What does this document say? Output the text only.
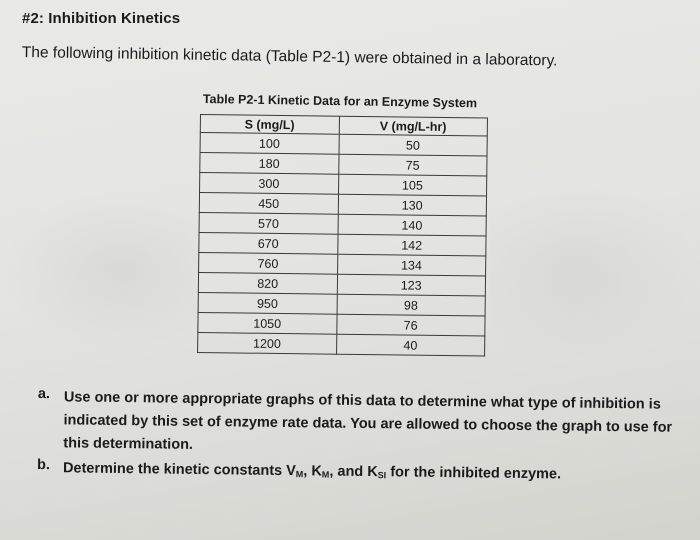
#2: Inhibition Kinetics
The following inhibition kinetic data (Table P2-1) were obtained in a laboratory.
Table P2-1 Kinetic Data for an Enzyme System
S (mg/L)	V (mg/L-hr)
100	50
180	75
300	105
450	130
570	140
670	142
760	134
820	123
950	98
1050	76
1200	40
a. Use one or more appropriate graphs of this data to determine what type of inhibition is indicated by this set of enzyme rate data. You are allowed to choose the graph to use for this determination.
b. Determine the kinetic constants $V_M$, $K_M$, and $K_{SI}$ for the inhibited enzyme.
